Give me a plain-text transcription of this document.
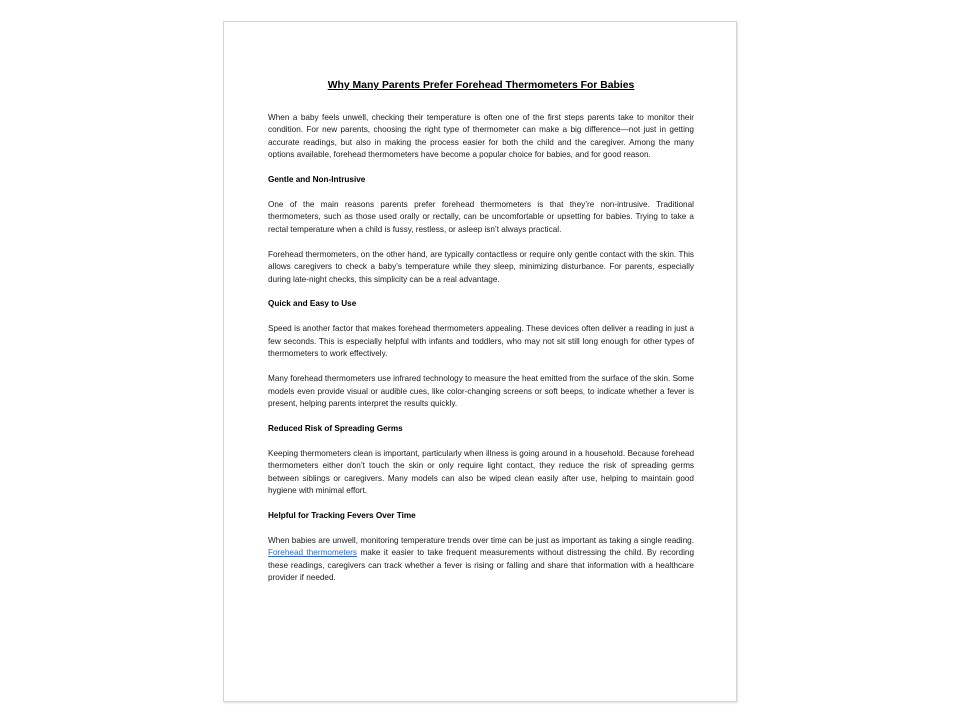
Why Many Parents Prefer Forehead Thermometers For Babies

When a baby feels unwell, checking their temperature is often one of the first steps parents take to monitor their condition. For new parents, choosing the right type of thermometer can make a big difference—not just in getting accurate readings, but also in making the process easier for both the child and the caregiver. Among the many options available, forehead thermometers have become a popular choice for babies, and for good reason.

Gentle and Non-Intrusive

One of the main reasons parents prefer forehead thermometers is that they’re non-intrusive. Traditional thermometers, such as those used orally or rectally, can be uncomfortable or upsetting for babies. Trying to take a rectal temperature when a child is fussy, restless, or asleep isn’t always practical.

Forehead thermometers, on the other hand, are typically contactless or require only gentle contact with the skin. This allows caregivers to check a baby’s temperature while they sleep, minimizing disturbance. For parents, especially during late-night checks, this simplicity can be a real advantage.

Quick and Easy to Use

Speed is another factor that makes forehead thermometers appealing. These devices often deliver a reading in just a few seconds. This is especially helpful with infants and toddlers, who may not sit still long enough for other types of thermometers to work effectively.

Many forehead thermometers use infrared technology to measure the heat emitted from the surface of the skin. Some models even provide visual or audible cues, like color-changing screens or soft beeps, to indicate whether a fever is present, helping parents interpret the results quickly.

Reduced Risk of Spreading Germs

Keeping thermometers clean is important, particularly when illness is going around in a household. Because forehead thermometers either don’t touch the skin or only require light contact, they reduce the risk of spreading germs between siblings or caregivers. Many models can also be wiped clean easily after use, helping to maintain good hygiene with minimal effort.

Helpful for Tracking Fevers Over Time

When babies are unwell, monitoring temperature trends over time can be just as important as taking a single reading. Forehead thermometers make it easier to take frequent measurements without distressing the child. By recording these readings, caregivers can track whether a fever is rising or falling and share that information with a healthcare provider if needed.
